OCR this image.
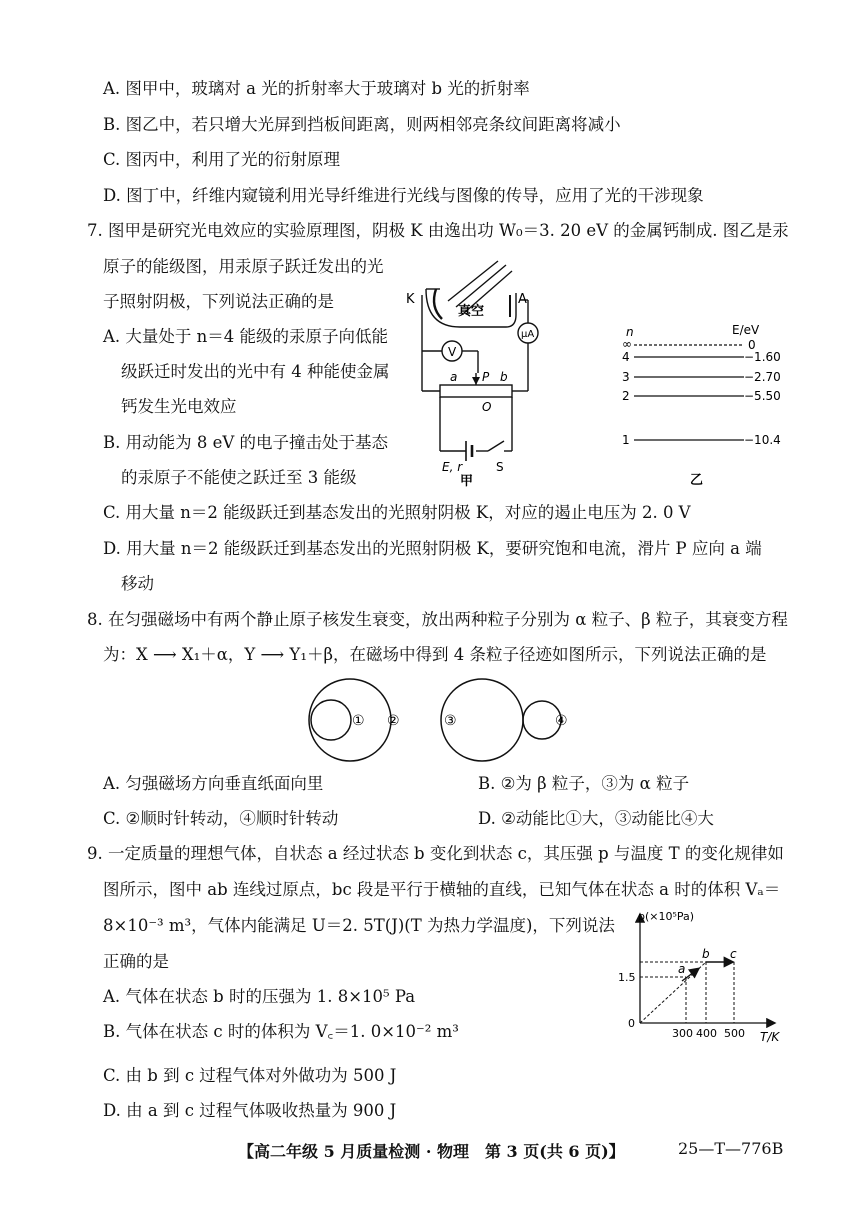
A. 图甲中，玻璃对 a 光的折射率大于玻璃对 b 光的折射率
B. 图乙中，若只增大光屏到挡板间距离，则两相邻亮条纹间距离将减小
C. 图丙中，利用了光的衍射原理
D. 图丁中，纤维内窥镜利用光导纤维进行光线与图像的传导，应用了光的干涉现象
7. 图甲是研究光电效应的实验原理图，阴极 K 由逸出功 W₀＝3. 20 eV 的金属钙制成. 图乙是汞
原子的能级图，用汞原子跃迁发出的光
子照射阴极，下列说法正确的是
A. 大量处于 n＝4 能级的汞原子向低能
级跃迁时发出的光中有 4 种能使金属
钙发生光电效应
B. 用动能为 8 eV 的电子撞击处于基态
的汞原子不能使之跃迁至 3 能级
C. 用大量 n＝2 能级跃迁到基态发出的光照射阴极 K，对应的遏止电压为 2. 0 V
D. 用大量 n＝2 能级跃迁到基态发出的光照射阴极 K，要研究饱和电流，滑片 P 应向 a 端
移动
K	A
真空
μA
V
a P b
O
E, r	S
甲
n	E/eV
∞	0
4	−1.60
3	−2.70
2	−5.50
1	−10.4
乙
8. 在匀强磁场中有两个静止原子核发生衰变，放出两种粒子分别为 α 粒子、β 粒子，其衰变方程
为：X ⟶ X₁＋α，Y ⟶ Y₁＋β，在磁场中得到 4 条粒子径迹如图所示，下列说法正确的是
① ②	③	④
A. 匀强磁场方向垂直纸面向里	B. ②为 β 粒子，③为 α 粒子
C. ②顺时针转动，④顺时针转动	D. ②动能比①大，③动能比④大
9. 一定质量的理想气体，自状态 a 经过状态 b 变化到状态 c，其压强 p 与温度 T 的变化规律如
图所示，图中 ab 连线过原点，bc 段是平行于横轴的直线，已知气体在状态 a 时的体积 Vₐ＝
8×10⁻³ m³，气体内能满足 U＝2. 5T(J)(T 为热力学温度)，下列说法
正确的是
A. 气体在状态 b 时的压强为 1. 8×10⁵ Pa
B. 气体在状态 c 时的体积为 V꜀＝1. 0×10⁻² m³
C. 由 b 到 c 过程气体对外做功为 500 J
D. 由 a 到 c 过程气体吸收热量为 900 J
p(×10⁵Pa)
T/K
1.5
0
300 400 500
a
b c
【高二年级 5 月质量检测 · 物理　第 3 页(共 6 页)】	25—T—776B
